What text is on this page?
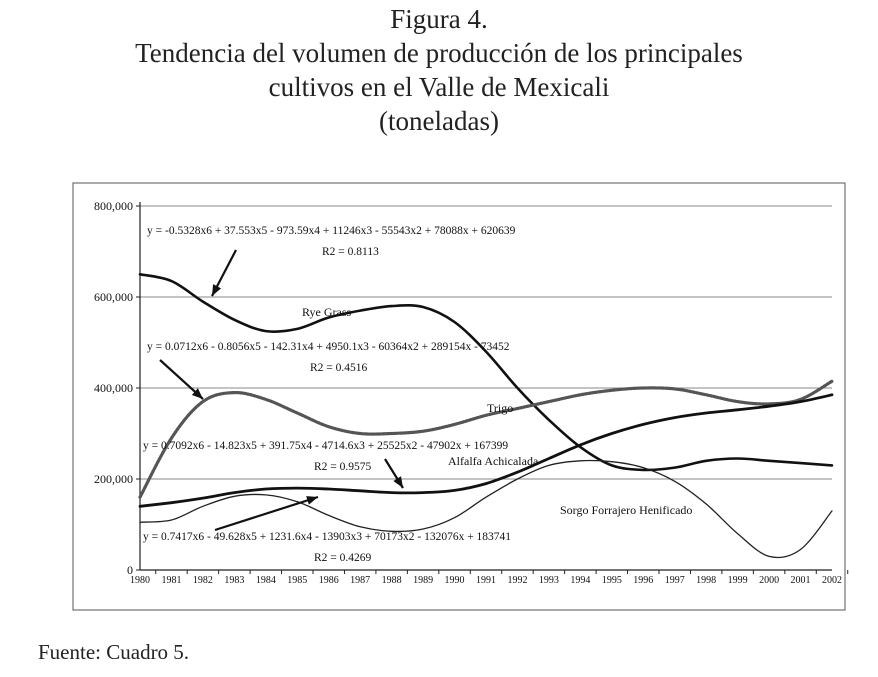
Figura 4.
Tendencia del volumen de producción de los principales
cultivos en el Valle de Mexicali
(toneladas)
0
200,000
400,000
600,000
800,000
1980 1981 1982 1983 1984 1985 1986 1987 1988 1989 1990 1991 1992 1993 1994 1995 1996 1997 1998 1999 2000 2001 2002
Rye Grass
Trigo
Alfalfa Achicalada
Sorgo Forrajero Henificado
y = -0.5328x6 + 37.553x5 - 973.59x4 + 11246x3 - 55543x2 + 78088x + 620639
R2 = 0.8113
y = 0.0712x6 - 0.8056x5 - 142.31x4 + 4950.1x3 - 60364x2 + 289154x - 73452
R2 = 0.4516
y = 0.7092x6 - 14.823x5 + 391.75x4 - 4714.6x3 + 25525x2 - 47902x + 167399
R2 = 0.9575
y = 0.7417x6 - 49.628x5 + 1231.6x4 - 13903x3 + 70173x2 - 132076x + 183741
R2 = 0.4269
Fuente: Cuadro 5.
